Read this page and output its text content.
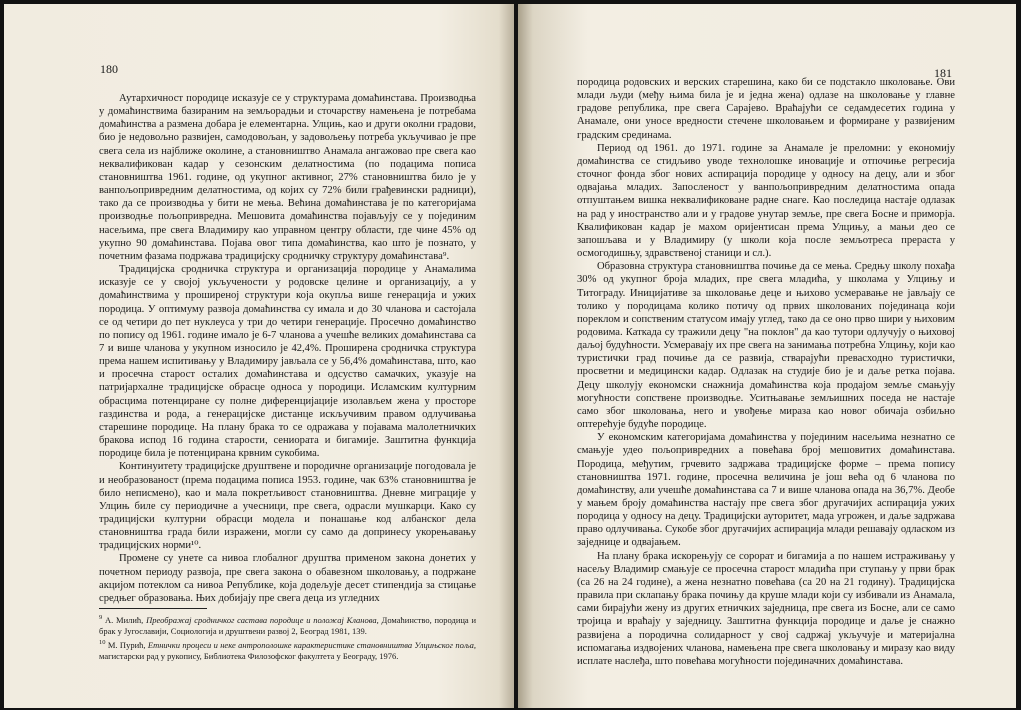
180

Аутархичност породице исказује се у структурама домаћинстава. Производња у домаћинствима базираним на земљорадњи и сточарству намењена је потребама домаћинства а размена добара је елементарна. Улцињ, као и други околни градови, био је недовољно развијен, самодовољан, у задовољењу потреба укључивао је пре свега села из најближе околине, а становништво Анамала ангажовао пре свега као неквалификован кадар у сезонским делатностима (по подацима пописа становништва 1961. године, од укупног активног, 27% становништва било је у ванпољопривредним делатностима, од којих су 72% били грађевински радници), тако да се производња у бити не мења. Већина домаћинстава је по категоријама производње пољопривредна. Мешовита домаћинства појављују се у појединим насељима, пре свега Владимиру као управном центру области, где чине 45% од укупно 90 домаћинстава. Појава овог типа домаћинства, као што је познато, у почетним фазама подржава традицијску сродничку структуру домаћинстава⁹.

Традицијска сродничка структура и организација породице у Анамалима исказује се у својој укључености у родовске целине и организацију, а у домаћинствима у проширеној структури која окупља више генерација и ужих породица. У оптимуму развоја домаћинства су имала и до 30 чланова и састојала се од четири до пет нуклеуса у три до четири генерације. Просечно домаћинство по попису од 1961. године имало је 6-7 чланова а учешће великих домаћинстава са 7 и више чланова у укупном износило је 42,4%. Проширена сродничка структура према нашем испитивању у Владимиру јављала се у 56,4% домаћинстава, што, као и просечна старост осталих домаћинстава и одсуство самачких, указује на патријархалне традицијске обрасце односа у породици. Исламским културним обрасцима потенциране су полне диференцијације изолављем жена у просторе газдинства и рода, а генерацијске дистанце искључивим правом одлучивања старешине породице. На плану брака то се одражава у појавама малолетничких бракова испод 16 година старости, сениората и бигамије. Заштитна функција породице била је потенцирана крвним сукобима.

Континуитету традицијске друштвене и породичне организације погодовала је и необразованост (према подацима пописа 1953. године, чак 63% становништва је било неписмено), као и мала покретљивост становништва. Дневне миграције у Улцињ биле су периодичне а учесници, пре свега, одрасли мушкарци. Како су традицијски културни обрасци модела и понашање код албанског дела становништва града били изражени, могли су само да допринесу укорењавању традицијских норми¹⁰.

Промене су унете са нивоа глобалног друштва применом закона донетих у почетном периоду развоја, пре свега закона о обавезном школовању, а подржане акцијом потеклом са нивоа Републике, која додељује десет стипендија за стицање средњег образовања. Њих добијају пре свега деца из угледних

$^9$ А. Милић, Преображај сродничког састава породице и положај Кланова, Домаћинство, породица и брак у Југославији, Социологија и друштвени развој 2, Београд 1981, 139.
$^{10}$ М. Пурић, Етнички процеси и неке антрополошке карактеристике становништва Улцињског поља, магистарски рад у рукопису, Библиотека Филозофског факултета у Београду, 1976.
181

породица родовских и верских старешина, како би се подстакло школовање. Ови млади људи (међу њима била је и једна жена) одлазе на школовање у главне градове република, пре свега Сарајево. Враћајући се седамдесетих година у Анамале, они уносе вредности стечене школовањем и формиране у развијеним градским срединама.

Период од 1961. до 1971. године за Анамале је преломни: у економију домаћинства се стидљиво уводе технолошке иновације и отпочиње регресија сточног фонда због нових аспирација породице у односу на децу, али и због одвајања младих. Запосленост у ванпољопривредним делатностима опада отпуштањем вишка неквалификоване радне снаге. Као последица настаје одлазак на рад у иностранство али и у градове унутар земље, пре свега Босне и приморја. Квалификован кадар је махом оријентисан према Улцињу, а мањи део се запошљава и у Владимиру (у школи која после земљотреса прераста у осмогодишњу, здравственој станици и сл.).

Образовна структура становништва почиње да се мења. Средњу школу похађа 30% од укупног броја младих, пре свега младића, у школама у Улцињу и Титограду. Иницијативе за школовање деце и њихово усмеравање не јављају се толико у породицама колико потичу од првих школованих појединаца који пореклом и сопственим статусом имају углед, тако да се оно прво шири у њиховим родовима. Каткада су тражили децу "на поклон" да као тутори одлучују о њиховој даљој будућности. Усмеравају их пре свега на занимања потребна Улцињу, који као туристички град почиње да се развија, стварајући превасходно туристички, просветни и медицински кадар. Одлазак на студије био је и даље ретка појава. Децу школују економски снажнија домаћинства која продајом земље смањују могућности сопствене производње. Уситњавање земљишних поседа не настаје само због школовања, него и увођење мираза као новог обичаја озбиљно оптерећује будуће породице.

У економским категоријама домаћинства у појединим насељима незнатно се смањује удео пољопривредних а повећава број мешовитих домаћинстава. Породица, међутим, грчевито задржава традицијске форме – према попису становништва 1971. године, просечна величина је још већа од 6 чланова по домаћинству, али учешће домаћинстава са 7 и више чланова опада на 36,7%. Деобе у мањем броју домаћинства настају пре свега због другачијих аспирација ужих породица у односу на децу. Традицијски ауторитет, мада угрожен, и даље задржава право одлучивања. Сукобе због другачијих аспирација млади решавају одласком из заједнице и одвајањем.

На плану брака искорењују се сорорат и бигамија а по нашем истраживању у насељу Владимир смањује се просечна старост младића при ступању у први брак (са 26 на 24 године), а жена незнатно повећава (са 20 на 21 годину). Традицијска правила при склапању брака почињу да круше млади који су избивали из Анамала, сами бирајући жену из других етничких заједница, пре свега из Босне, али се само тројица и враћају у заједницу. Заштитна функција породице и даље је снажно развијена а породична солидарност у свој садржај укључује и материјална испомагања издвојених чланова, намењена пре свега школовању и миразу као виду исплате наслеђа, што повећава могућности појединачних домаћинстава.
